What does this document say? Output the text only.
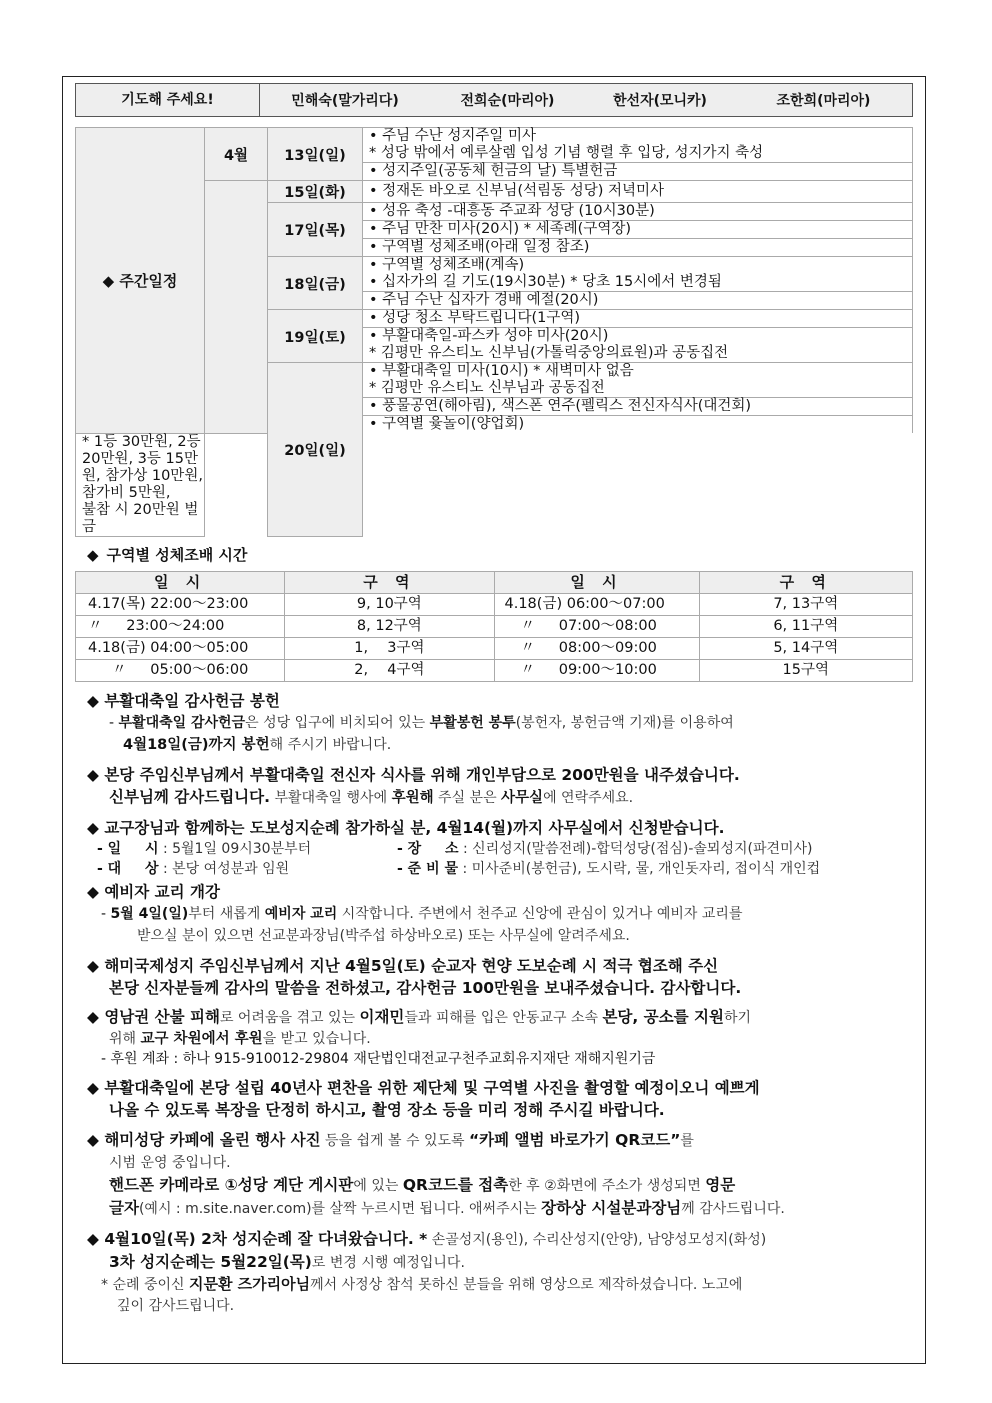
기도해 주세요!	민해숙(말가리다)	전희순(마리아)	한선자(모니카)	조한희(마리아)
◆ 주간일정	4월	13일(일)	• 주님 수난 성지주일 미사
			* 성당 밖에서 예루살렘 입성 기념 행렬 후 입당, 성지가지 축성
			• 성지주일(공동체 헌금의 날) 특별헌금
		15일(화)	• 정재돈 바오로 신부님(석림동 성당) 저녁미사
		17일(목)	• 성유 축성 -대흥동 주교좌 성당 (10시30분)
			• 주님 만찬 미사(20시) * 세족례(구역장)
			• 구역별 성체조배(아래 일정 참조)
		18일(금)	• 구역별 성체조배(계속)
			• 십자가의 길 기도(19시30분) * 당초 15시에서 변경됨
			• 주님 수난 십자가 경배 예절(20시)
		19일(토)	• 성당 청소 부탁드립니다(1구역)
			• 부활대축일-파스카 성야 미사(20시)
			* 김평만 유스티노 신부님(가톨릭중앙의료원)과 공동집전
		20일(일)	• 부활대축일 미사(10시) * 새벽미사 없음
			* 김평만 유스티노 신부님과 공동집전
			• 풍물공연(해아림), 색스폰 연주(펠릭스 전신자식사(대건회)
			• 구역별 윷놀이(양업회)
* 1등 30만원, 2등 20만원, 3등 15만원, 참가상 10만원, 참가비 5만원,			
불참 시 20만원 벌금			
◆ 구역별 성체조배 시간
일 시	구 역	일 시	구 역
4.17(목) 22:00～23:00	9, 10구역	4.18(금) 06:00～07:00	7, 13구역
〃 　 23:00～24:00	8, 12구역	〃 　 07:00～08:00	6, 11구역
4.18(금) 04:00～05:00	1, 　3구역	〃 　 08:00～09:00	5, 14구역
〃 　 05:00～06:00	2, 　4구역	〃 　 09:00～10:00	15구역
◆ 부활대축일 감사헌금 봉헌
- 부활대축일 감사헌금은 성당 입구에 비치되어 있는 부활봉헌 봉투(봉헌자, 봉헌금액 기재)를 이용하여
4월18일(금)까지 봉헌해 주시기 바랍니다.
◆ 본당 주임신부님께서 부활대축일 전신자 식사를 위해 개인부담으로 200만원을 내주셨습니다.
신부님께 감사드립니다. 부활대축일 행사에 후원해 주실 분은 사무실에 연락주세요.
◆ 교구장님과 함께하는 도보성지순례 참가하실 분, 4월14(월)까지 사무실에서 신청받습니다.
- 일 　 시 : 5월1일 09시30분부터	- 장 　 소 : 신리성지(말씀전례)-합덕성당(점심)-솔뫼성지(파견미사)
- 대 　 상 : 본당 여성분과 임원	- 준 비 물 : 미사준비(봉헌금), 도시락, 물, 개인돗자리, 접이식 개인컵
◆ 예비자 교리 개강
- 5월 4일(일)부터 새롭게 예비자 교리 시작합니다. 주변에서 천주교 신앙에 관심이 있거나 예비자 교리를
받으실 분이 있으면 선교분과장님(박주섭 하상바오로) 또는 사무실에 알려주세요.
◆ 해미국제성지 주임신부님께서 지난 4월5일(토) 순교자 현양 도보순례 시 적극 협조해 주신
본당 신자분들께 감사의 말씀을 전하셨고, 감사헌금 100만원을 보내주셨습니다. 감사합니다.
◆ 영남권 산불 피해로 어려움을 겪고 있는 이재민들과 피해를 입은 안동교구 소속 본당, 공소를 지원하기
위해 교구 차원에서 후원을 받고 있습니다.
- 후원 계좌 : 하나 915-910012-29804 재단법인대전교구천주교회유지재단 재해지원기금
◆ 부활대축일에 본당 설립 40년사 편찬을 위한 제단체 및 구역별 사진을 촬영할 예정이오니 예쁘게
나올 수 있도록 복장을 단정히 하시고, 촬영 장소 등을 미리 정해 주시길 바랍니다.
◆ 해미성당 카페에 올린 행사 사진 등을 쉽게 볼 수 있도록 “카페 앨범 바로가기 QR코드”를
시범 운영 중입니다.
핸드폰 카메라로 ①성당 계단 게시판에 있는 QR코드를 접촉한 후 ②화면에 주소가 생성되면 영문
글자(예시 : m.site.naver.com)를 살짝 누르시면 됩니다. 애써주시는 장하상 시설분과장님께 감사드립니다.
◆ 4월10일(목) 2차 성지순례 잘 다녀왔습니다. * 손골성지(용인), 수리산성지(안양), 남양성모성지(화성)
3차 성지순례는 5월22일(목)로 변경 시행 예정입니다.
* 순례 중이신 지문환 즈가리아님께서 사정상 참석 못하신 분들을 위해 영상으로 제작하셨습니다. 노고에
깊이 감사드립니다.
